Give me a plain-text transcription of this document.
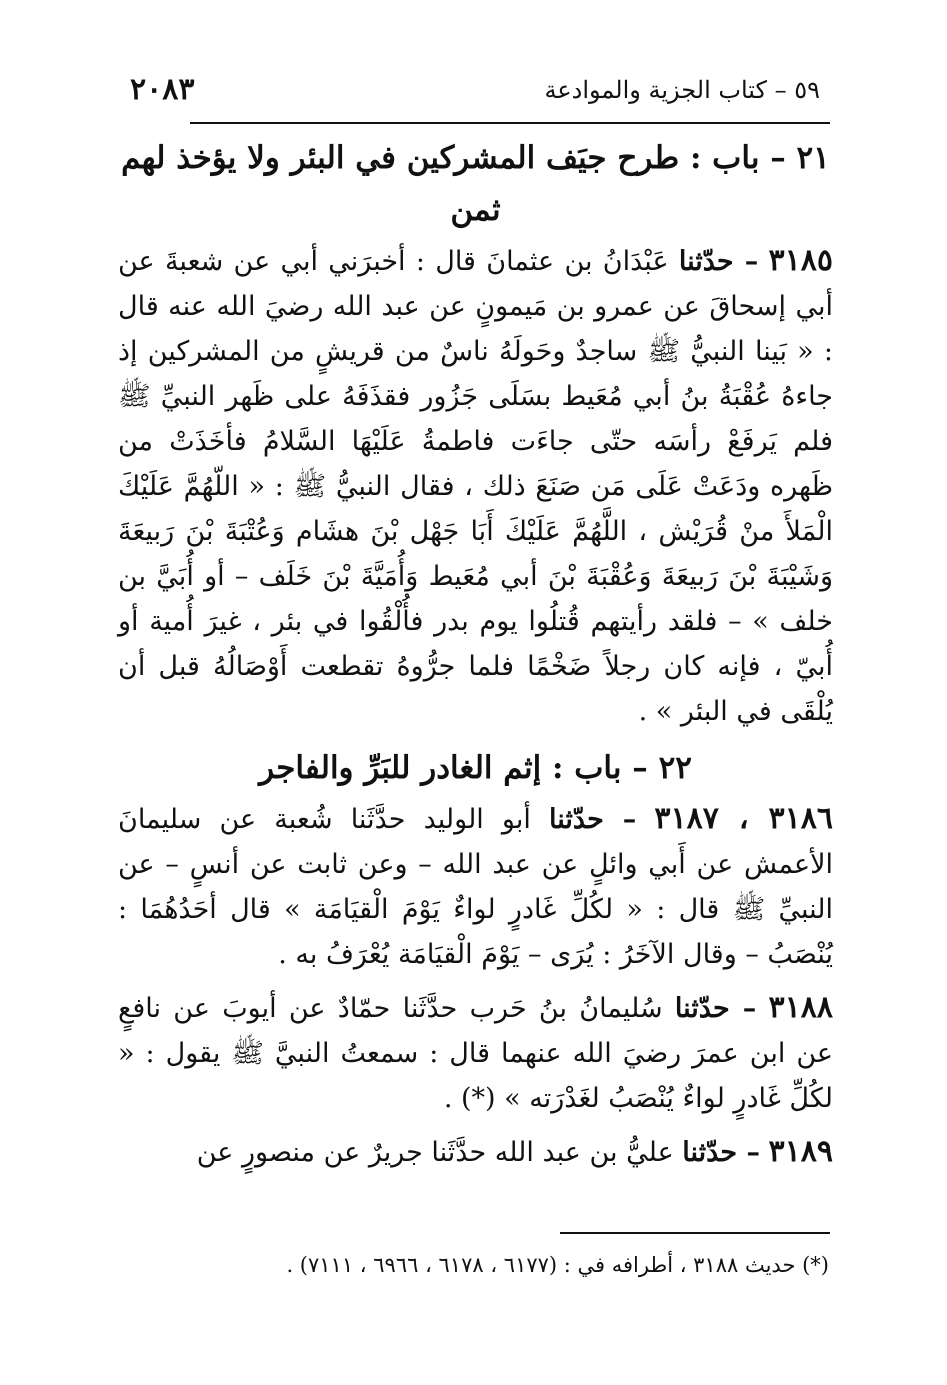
٢٠٨٣	٥٩ – كتاب الجزية والموادعة
٢١ – باب : طرح جيَف المشركين في البئر ولا يؤخذ لهم ثمن

٣١٨٥ – حدّثنا عَبْدَانُ بن عثمانَ قال : أخبرَني أبي عن شعبةَ عن أبي إسحاقَ عن عمرو بن مَيمونٍ عن عبد الله رضيَ الله عنه قال : « بَينا النبيُّ ﷺ ساجدٌ وحَولَهُ ناسٌ من قريشٍ من المشركين إذ جاءهُ عُقْبَةُ بنُ أبي مُعَيط بسَلَى جَزُور فقذَفَهُ على ظَهر النبيِّ ﷺ فلم يَرفَعْ رأسَه حتّى جاءَت فاطمةُ عَلَيْهَا السَّلامُ فأخَذَتْ من ظَهره ودَعَتْ عَلَى مَن صَنَعَ ذلك ، فقال النبيُّ ﷺ : « اللّهُمَّ عَلَيْكَ الْمَلأَ منْ قُرَيْش ، اللَّهُمَّ عَلَيْكَ أَبَا جَهْل بْنَ هشَام وَعُتْبَةَ بْنَ رَبيعَةَ وَشَيْبَةَ بْنَ رَبيعَةَ وَعُقْبَةَ بْنَ أبي مُعَيط وَأُمَيَّةَ بْنَ خَلَف – أو أُبَيَّ بن خلف » – فلقد رأيتهم قُتلُوا يوم بدر فأُلْقُوا في بئر ، غيرَ أُمية أو أُبيّ ، فإنه كان رجلاً ضَخْمًا فلما جرُّوهُ تقطعت أَوْصَالُهُ قبل أن يُلْقَى في البئر » .

٢٢ – باب : إثم الغادر للبَرِّ والفاجر

٣١٨٦ ، ٣١٨٧ – حدّثنا أبو الوليد حدَّثَنا شُعبة عن سليمانَ الأعمش عن أَبي وائلٍ عن عبد الله – وعن ثابت عن أنسٍ – عن النبيِّ ﷺ قال : « لكُلِّ غَادرٍ لواءٌ يَوْمَ الْقيَامَة » قال أحَدُهُمَا : يُنْصَبُ – وقال الآخَرُ : يُرَى – يَوْمَ الْقيَامَة يُعْرَفُ به .

٣١٨٨ – حدّثنا سُليمانُ بنُ حَرب حدَّثَنا حمّادٌ عن أيوبَ عن نافعٍ عن ابن عمرَ رضيَ الله عنهما قال : سمعتُ النبيَّ ﷺ يقول : « لكُلِّ غَادرٍ لواءٌ يُنْصَبُ لغَدْرَته » (*) .

٣١٨٩ – حدّثنا عليُّ بن عبد الله حدَّثَنا جريرٌ عن منصورٍ عن

(*) حديث ٣١٨٨ ، أطرافه في : (٦١٧٧ ، ٦١٧٨ ، ٦٩٦٦ ، ٧١١١) .
